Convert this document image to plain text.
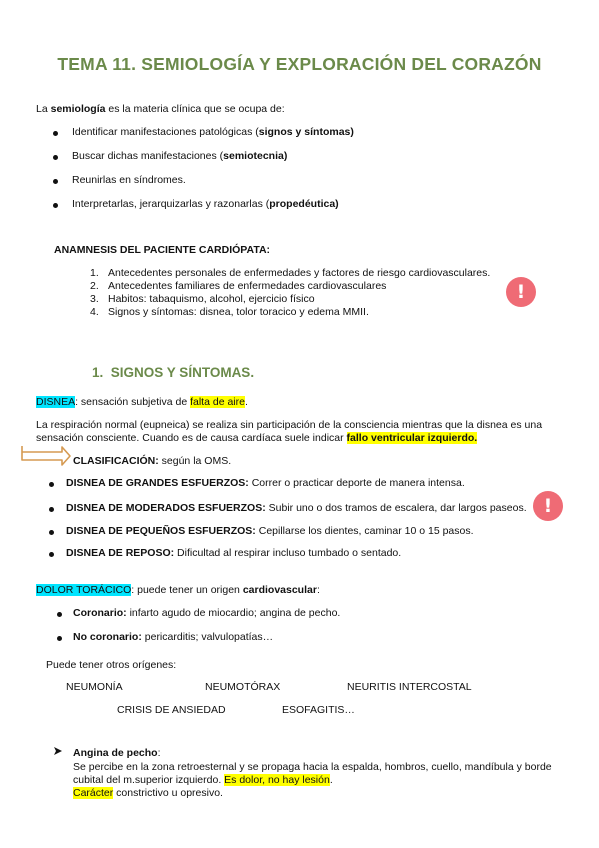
TEMA 11. SEMIOLOGÍA Y EXPLORACIÓN DEL CORAZÓN
La semiología es la materia clínica que se ocupa de:
Identificar manifestaciones patológicas (signos y síntomas)
Buscar dichas manifestaciones (semiotecnia)
Reunirlas en síndromes.
Interpretarlas, jerarquizarlas y razonarlas (propedéutica)
ANAMNESIS DEL PACIENTE CARDIÓPATA:
1. Antecedentes personales de enfermedades y factores de riesgo cardiovasculares.
2. Antecedentes familiares de enfermedades cardiovasculares
3. Habitos: tabaquismo, alcohol, ejercicio físico
4. Signos y síntomas: disnea, tolor toracico y edema MMII.
!
1. SIGNOS Y SÍNTOMAS.
DISNEA: sensación subjetiva de falta de aire.
La respiración normal (eupneica) se realiza sin participación de la consciencia mientras que la disnea es una
sensación consciente. Cuando es de causa cardíaca suele indicar fallo ventricular izquierdo.
CLASIFICACIÓN: según la OMS.
DISNEA DE GRANDES ESFUERZOS: Correr o practicar deporte de manera intensa.
DISNEA DE MODERADOS ESFUERZOS: Subir uno o dos tramos de escalera, dar largos paseos.
DISNEA DE PEQUEÑOS ESFUERZOS: Cepillarse los dientes, caminar 10 o 15 pasos.
DISNEA DE REPOSO: Dificultad al respirar incluso tumbado o sentado.
!
DOLOR TORÁCICO: puede tener un origen cardiovascular:
Coronario: infarto agudo de miocardio; angina de pecho.
No coronario: pericarditis; valvulopatías…
Puede tener otros orígenes:
NEUMONÍA	NEUMOTÓRAX	NEURITIS INTERCOSTAL
CRISIS DE ANSIEDAD	ESOFAGITIS…
Angina de pecho:
Se percibe en la zona retroesternal y se propaga hacia la espalda, hombros, cuello, mandíbula y borde
cubital del m.superior izquierdo. Es dolor, no hay lesión.
Carácter constrictivo u opresivo.
